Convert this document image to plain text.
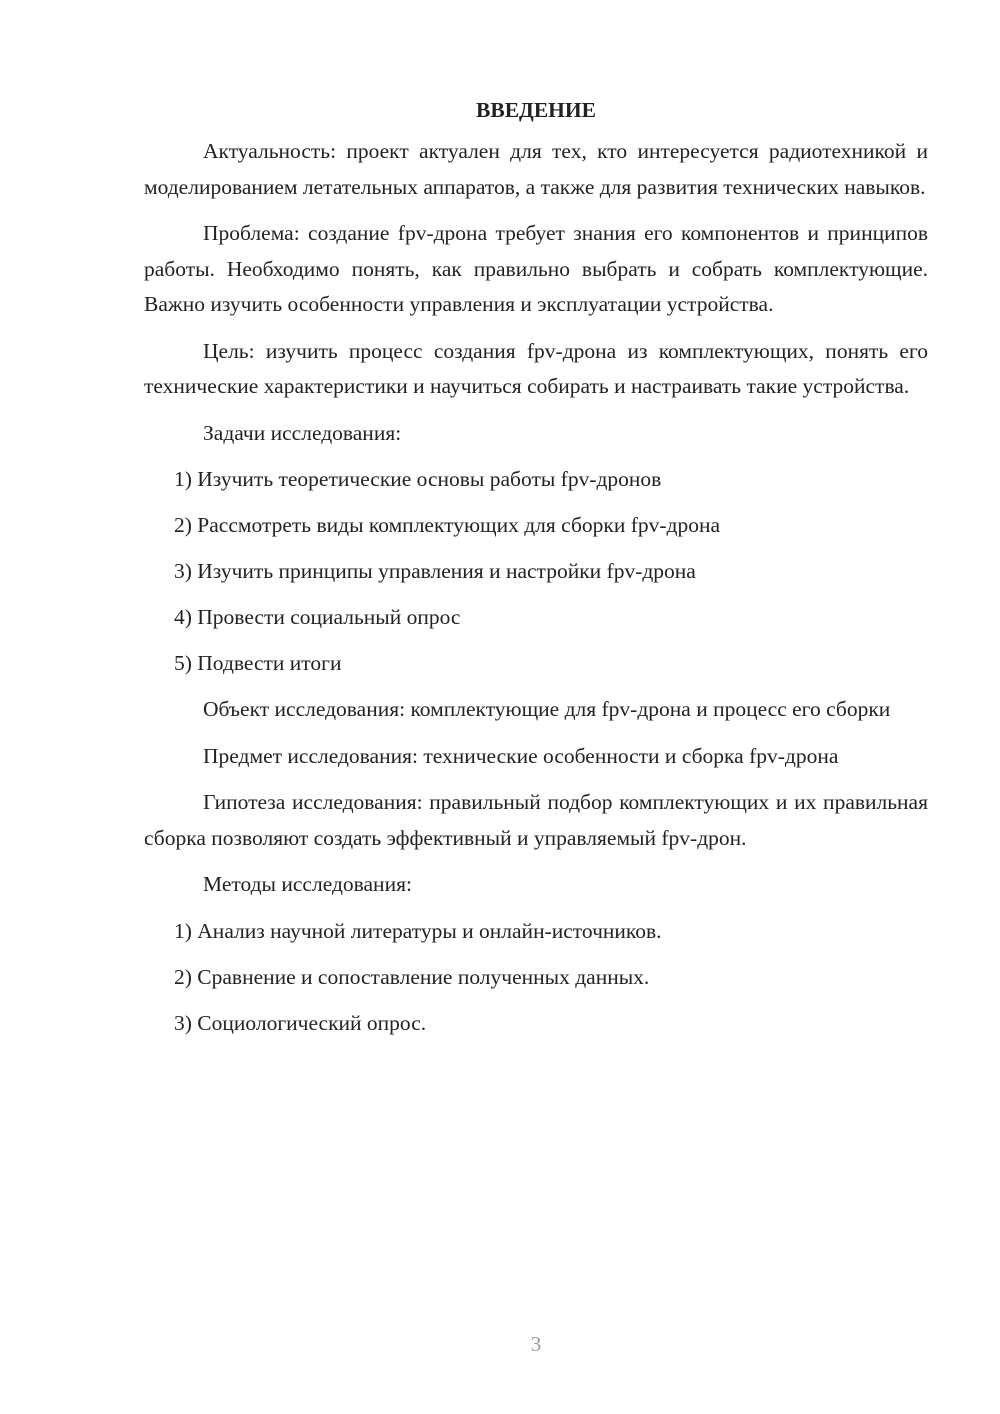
ВВЕДЕНИЕ

Актуальность: проект актуален для тех, кто интересуется радиотехникой и моделированием летательных аппаратов, а также для развития технических навыков.

Проблема: создание fpv-дрона требует знания его компонентов и принципов работы. Необходимо понять, как правильно выбрать и собрать комплектующие. Важно изучить особенности управления и эксплуатации устройства.

Цель: изучить процесс создания fpv-дрона из комплектующих, понять его технические характеристики и научиться собирать и настраивать такие устройства.

Задачи исследования:

1) Изучить теоретические основы работы fpv-дронов

2) Рассмотреть виды комплектующих для сборки fpv-дрона

3) Изучить принципы управления и настройки fpv-дрона

4) Провести социальный опрос

5) Подвести итоги

Объект исследования: комплектующие для fpv-дрона и процесс его сборки

Предмет исследования: технические особенности и сборка fpv-дрона

Гипотеза исследования: правильный подбор комплектующих и их правильная сборка позволяют создать эффективный и управляемый fpv-дрон.

Методы исследования:

1) Анализ научной литературы и онлайн-источников.

2) Сравнение и сопоставление полученных данных.

3) Социологический опрос.

3
